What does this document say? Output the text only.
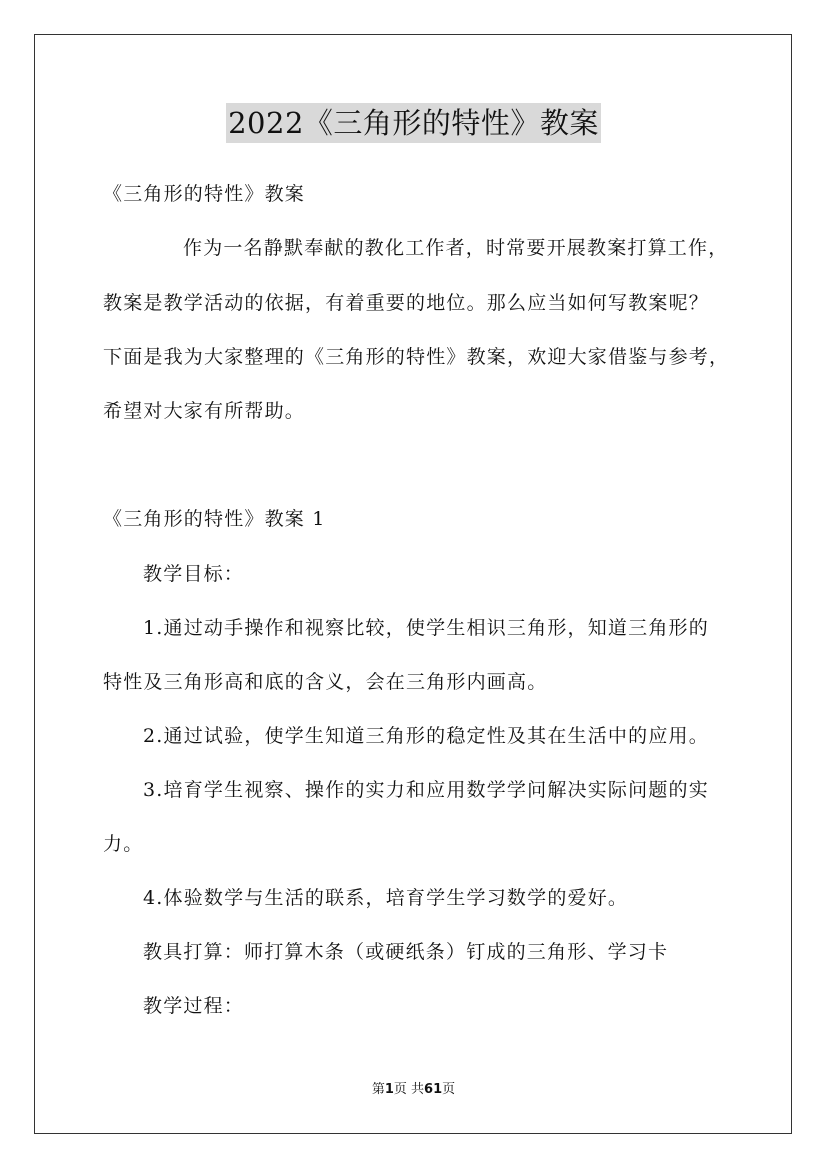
2022《三角形的特性》教案
《三角形的特性》教案
作为一名静默奉献的教化工作者，时常要开展教案打算工作，
教案是教学活动的依据，有着重要的地位。那么应当如何写教案呢？
下面是我为大家整理的《三角形的特性》教案，欢迎大家借鉴与参考，
希望对大家有所帮助。
《三角形的特性》教案 1
教学目标：
1.通过动手操作和视察比较，使学生相识三角形，知道三角形的
特性及三角形高和底的含义，会在三角形内画高。
2.通过试验，使学生知道三角形的稳定性及其在生活中的应用。
3.培育学生视察、操作的实力和应用数学学问解决实际问题的实
力。
4.体验数学与生活的联系，培育学生学习数学的爱好。
教具打算：师打算木条（或硬纸条）钉成的三角形、学习卡
教学过程：
第1页 共61页
